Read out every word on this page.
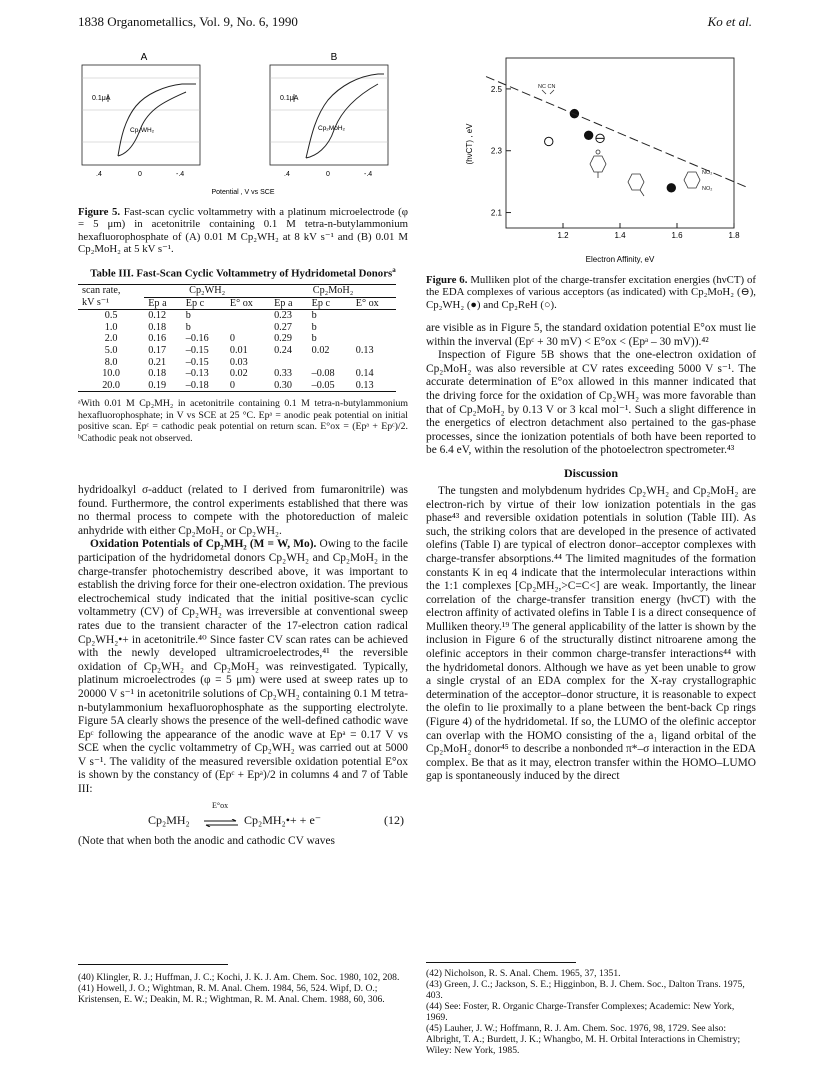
1838 Organometallics, Vol. 9, No. 6, 1990	Ko et al.
A	B
0.1μA
Cp₂WH₂
.4	0	-.4
0.1μA
Cp₂MoH₂
.4	0	-.4
Potential , V vs SCE
Figure 5. Fast-scan cyclic voltammetry with a platinum microelectrode (φ = 5 μm) in acetonitrile containing 0.1 M tetra-n-butylammonium hexafluorophosphate of (A) 0.01 M Cp₂WH₂ at 8 kV s⁻¹ and (B) 0.01 M Cp₂MoH₂ at 5 kV s⁻¹.
Table III. Fast-Scan Cyclic Voltammetry of Hydridometal Donors$^a$
scan rate,	Cp₂WH₂			Cp₂MoH₂		
kV s⁻¹	Ep a	Ep c	E° ox	Ep a	Ep c	E° ox
0.5	0.12	b		0.23	b	
1.0	0.18	b		0.27	b	
2.0	0.16	–0.16	0	0.29	b	
5.0	0.17	–0.15	0.01	0.24	0.02	0.13
8.0	0.21	–0.15	0.03			
10.0	0.18	–0.13	0.02	0.33	–0.08	0.14
20.0	0.19	–0.18	0	0.30	–0.05	0.13
ᵃWith 0.01 M Cp₂MH₂ in acetonitrile containing 0.1 M tetra-n-butylammonium hexafluorophosphate; in V vs SCE at 25 °C. Epᵃ = anodic peak potential on initial positive scan. Epᶜ = cathodic peak potential on return scan. E°ox = (Epᵃ + Epᶜ)/2. ᵇCathodic peak not observed.

hydridoalkyl σ-adduct (related to I derived from fumaronitrile) was found. Furthermore, the control experiments established that there was no thermal process to compete with the photoreduction of maleic anhydride with either Cp₂MoH₂ or Cp₂WH₂.

Oxidation Potentials of Cp₂MH₂ (M = W, Mo). Owing to the facile participation of the hydridometal donors Cp₂WH₂ and Cp₂MoH₂ in the charge-transfer photochemistry described above, it was important to establish the driving force for their one-electron oxidation. The previous electrochemical study indicated that the initial positive-scan cyclic voltammetry (CV) of Cp₂WH₂ was irreversible at conventional sweep rates due to the transient character of the 17-electron cation radical Cp₂WH₂•+ in acetonitrile.⁴⁰ Since faster CV scan rates can be achieved with the newly developed ultramicroelectrodes,⁴¹ the reversible oxidation of Cp₂WH₂ and Cp₂MoH₂ was reinvestigated. Typically, platinum microelectrodes (φ = 5 μm) were used at sweep rates up to 20000 V s⁻¹ in acetonitrile solutions of Cp₂WH₂ containing 0.1 M tetra-n-butylammonium hexafluorophosphate as the supporting electrolyte. Figure 5A clearly shows the presence of the well-defined cathodic wave Epᶜ following the appearance of the anodic wave at Epᵃ = 0.17 V vs SCE when the cyclic voltammetry of Cp₂WH₂ was carried out at 5000 V s⁻¹. The validity of the measured reversible oxidation potential E°ox is shown by the constancy of (Epᶜ + Epᵃ)/2 in columns 4 and 7 of Table III:

Cp₂MH₂
E°ox
⇌ Cp₂MH₂•+ + e⁻	(12)

(Note that when both the anodic and cathodic CV waves

(40) Klingler, R. J.; Huffman, J. C.; Kochi, J. K. J. Am. Chem. Soc. 1980, 102, 208.
(41) Howell, J. O.; Wightman, R. M. Anal. Chem. 1984, 56, 524. Wipf, D. O.; Kristensen, E. W.; Deakin, M. R.; Wightman, R. M. Anal. Chem. 1988, 60, 306.
1.2	1.4	1.6	1.8
2.1
2.3
2.5	NC CN
NO₂
NO₂
(hνCT) , eV
Electron Affinity, eV
Figure 6. Mulliken plot of the charge-transfer excitation energies (hνCT) of the EDA complexes of various acceptors (as indicated) with Cp₂MoH₂ (⊖), Cp₂WH₂ (●) and Cp₂ReH (○).

are visible as in Figure 5, the standard oxidation potential E°ox must lie within the inverval (Epᶜ + 30 mV) < E°ox < (Epᵃ – 30 mV)).⁴²

Inspection of Figure 5B shows that the one-electron oxidation of Cp₂MoH₂ was also reversible at CV rates exceeding 5000 V s⁻¹. The accurate determination of E°ox allowed in this manner indicated that the driving force for the oxidation of Cp₂WH₂ was more favorable than that of Cp₂MoH₂ by 0.13 V or 3 kcal mol⁻¹. Such a slight difference in the energetics of electron detachment also pertained to the gas-phase processes, since the ionization potentials of both have been reported to be 6.4 eV, within the resolution of the photoelectron spectrometer.⁴³

Discussion

The tungsten and molybdenum hydrides Cp₂WH₂ and Cp₂MoH₂ are electron-rich by virtue of their low ionization potentials in the gas phase⁴³ and reversible oxidation potentials in solution (Table III). As such, the striking colors that are developed in the presence of activated olefins (Table I) are typical of electron donor–acceptor complexes with charge-transfer absorptions.⁴⁴ The limited magnitudes of the formation constants K in eq 4 indicate that the intermolecular interactions within the 1:1 complexes [Cp₂MH₂,>C=C<] are weak. Importantly, the linear correlation of the charge-transfer transition energy (hνCT) with the electron affinity of activated olefins in Table I is a direct consequence of Mulliken theory.¹⁹ The general applicability of the latter is shown by the inclusion in Figure 6 of the structurally distinct nitroarene among the olefinic acceptors in their common charge-transfer interactions⁴⁴ with the hydridometal donors. Although we have as yet been unable to grow a single crystal of an EDA complex for the X-ray crystallographic determination of the acceptor–donor structure, it is reasonable to expect the olefin to lie proximally to a plane between the bent-back Cp rings (Figure 4) of the hydridometal. If so, the LUMO of the olefinic acceptor can overlap with the HOMO consisting of the a₁ ligand orbital of the Cp₂MoH₂ donor⁴⁵ to describe a nonbonded π*–σ interaction in the EDA complex. Be that as it may, electron transfer within the HOMO–LUMO gap is spontaneously induced by the direct

(42) Nicholson, R. S. Anal. Chem. 1965, 37, 1351.
(43) Green, J. C.; Jackson, S. E.; Higginbon, B. J. Chem. Soc., Dalton Trans. 1975, 403.
(44) See: Foster, R. Organic Charge-Transfer Complexes; Academic: New York, 1969.
(45) Lauher, J. W.; Hoffmann, R. J. Am. Chem. Soc. 1976, 98, 1729. See also: Albright, T. A.; Burdett, J. K.; Whangbo, M. H. Orbital Interactions in Chemistry; Wiley: New York, 1985.
